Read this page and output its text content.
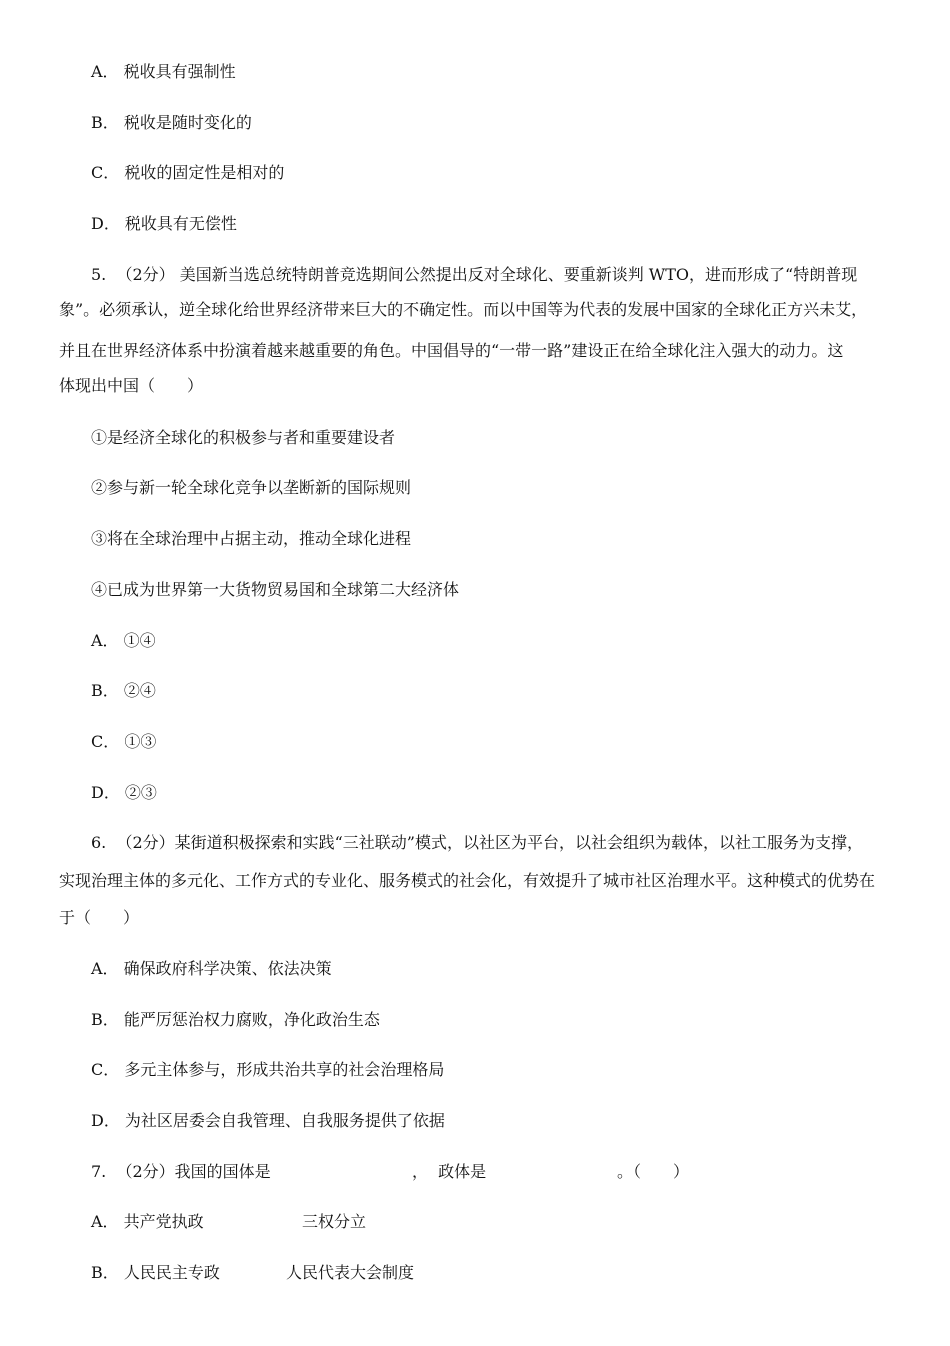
A． 税收具有强制性
B． 税收是随时变化的
C． 税收的固定性是相对的
D． 税收具有无偿性
5.  （2分） 美国新当选总统特朗普竞选期间公然提出反对全球化、要重新谈判 WTO，进而形成了“特朗普现
象”。必须承认，逆全球化给世界经济带来巨大的不确定性。而以中国等为代表的发展中国家的全球化正方兴未艾，
并且在世界经济体系中扮演着越来越重要的角色。中国倡导的“一带一路”建设正在给全球化注入强大的动力。这
体现出中国（　　）
①是经济全球化的积极参与者和重要建设者
②参与新一轮全球化竞争以垄断新的国际规则
③将在全球治理中占据主动，推动全球化进程
④已成为世界第一大货物贸易国和全球第二大经济体
A． ①④
B． ②④
C． ①③
D． ②③
6.  （2分）某街道积极探索和实践“三社联动”模式，以社区为平台，以社会组织为载体，以社工服务为支撑，
实现治理主体的多元化、工作方式的专业化、服务模式的社会化，有效提升了城市社区治理水平。这种模式的优势在
于（　　）
A． 确保政府科学决策、依法决策
B． 能严厉惩治权力腐败，净化政治生态
C． 多元主体参与，形成共治共享的社会治理格局
D． 为社区居委会自我管理、自我服务提供了依据
7.  （2分）我国的国体是	，  政体是	。（　　）
A． 共产党执政	三权分立
B． 人民民主专政	人民代表大会制度
